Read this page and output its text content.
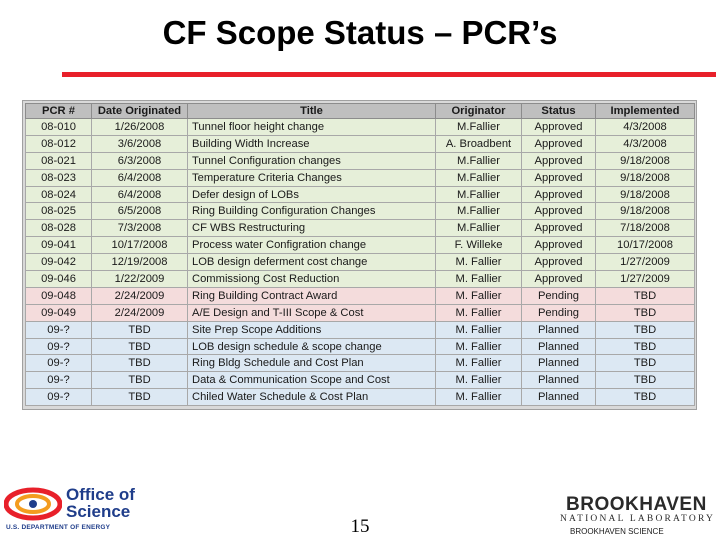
CF Scope Status – PCR’s
PCR #	Date Originated	Title	Originator	Status	Implemented
08-010	1/26/2008	Tunnel floor height change	M.Fallier	Approved	4/3/2008
08-012	3/6/2008	Building Width Increase	A. Broadbent	Approved	4/3/2008
08-021	6/3/2008	Tunnel Configuration changes	M.Fallier	Approved	9/18/2008
08-023	6/4/2008	Temperature Criteria Changes	M.Fallier	Approved	9/18/2008
08-024	6/4/2008	Defer design of LOBs	M.Fallier	Approved	9/18/2008
08-025	6/5/2008	Ring Building Configuration Changes	M.Fallier	Approved	9/18/2008
08-028	7/3/2008	CF WBS Restructuring	M.Fallier	Approved	7/18/2008
09-041	10/17/2008	Process water Configration change	F. Willeke	Approved	10/17/2008
09-042	12/19/2008	LOB design deferment cost change	M. Fallier	Approved	1/27/2009
09-046	1/22/2009	Commissiong Cost Reduction	M. Fallier	Approved	1/27/2009
09-048	2/24/2009	Ring Building Contract Award	M. Fallier	Pending	TBD
09-049	2/24/2009	A/E Design and T-III Scope & Cost	M. Fallier	Pending	TBD
09-?	TBD	Site Prep Scope Additions	M. Fallier	Planned	TBD
09-?	TBD	LOB design schedule & scope change	M. Fallier	Planned	TBD
09-?	TBD	Ring Bldg Schedule and Cost Plan	M. Fallier	Planned	TBD
09-?	TBD	Data & Communication Scope and Cost	M. Fallier	Planned	TBD
09-?	TBD	Chiled Water Schedule & Cost Plan	M. Fallier	Planned	TBD
Office of
Science
U.S. DEPARTMENT OF ENERGY	15
BROOKHAVEN
NATIONAL LABORATORY
BROOKHAVEN SCIENCE
